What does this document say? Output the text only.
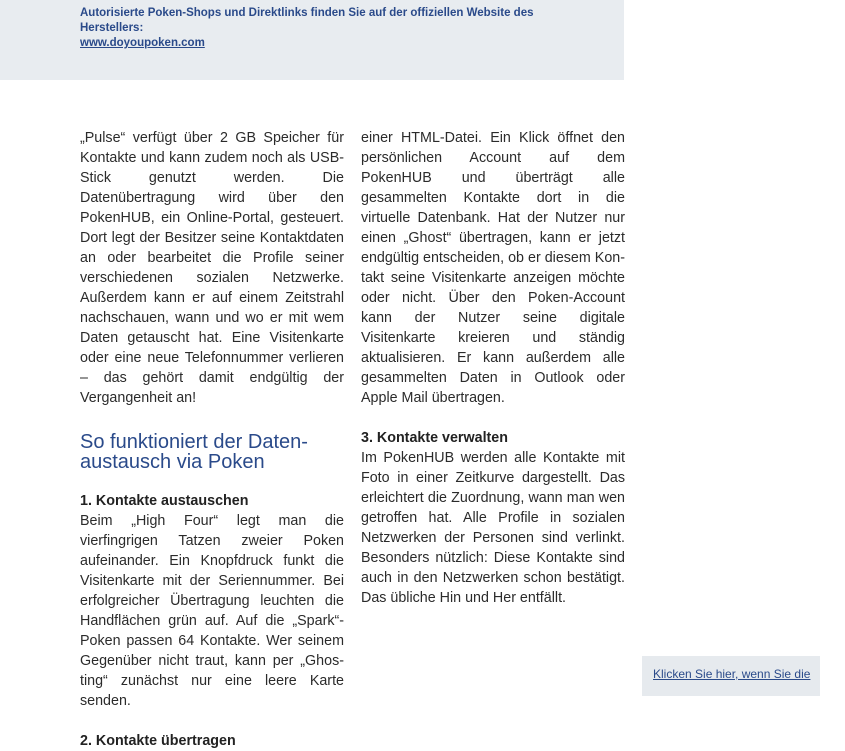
Autorisierte Poken-Shops und Direktlinks finden Sie auf der offiziellen Website des Herstellers:
www.doyoupoken.com

„Pulse“ verfügt über 2 GB Speicher für Kontakte und kann zudem noch als USB-Stick genutzt werden. Die Datenübertragung wird über den PokenHUB, ein Online-Portal, gesteuert. Dort legt der Besitzer seine Kontaktdaten an oder bearbeitet die Profile seiner verschiedenen sozialen Netzwerke. Außerdem kann er auf einem Zeitstrahl nachschauen, wann und wo er mit wem Daten getauscht hat. Eine Visitenkarte oder eine neue Telefonnummer verlieren – das gehört damit endgültig der Vergangenheit an!

So funktioniert der Datenaustausch via Poken
1. Kontakte austauschen

Beim „High Four“ legt man die vierfingrigen Tatzen zweier Poken aufeinander. Ein Knopfdruck funkt die Visitenkarte mit der Seriennummer. Bei erfolgreicher Übertragung leuchten die Handflächen grün auf. Auf die „Spark“-Poken passen 64 Kontakte. Wer seinem Gegenüber nicht traut, kann per „Ghosting“ zunächst nur eine leere Karte senden.

2. Kontakte übertragen

einer HTML-Datei. Ein Klick öffnet den persönlichen Account auf dem PokenHUB und überträgt alle gesammelten Kontakte dort in die virtuelle Datenbank. Hat der Nutzer nur einen „Ghost“ übertragen, kann er jetzt endgültig entscheiden, ob er diesem Kontakt seine Visitenkarte anzeigen möchte oder nicht. Über den Poken-Account kann der Nutzer seine digitale Visitenkarte kreieren und ständig aktualisieren. Er kann außerdem alle gesammelten Daten in Outlook oder Apple Mail übertragen.

3. Kontakte verwalten

Im PokenHUB werden alle Kontakte mit Foto in einer Zeitkurve dargestellt. Das erleichtert die Zuordnung, wann man wen getroffen hat. Alle Profile in sozialen Netzwerken der Personen sind verlinkt. Besonders nützlich: Diese Kontakte sind auch in den Netzwerken schon bestätigt. Das übliche Hin und Her entfällt.

Klicken Sie hier, wenn Sie die
